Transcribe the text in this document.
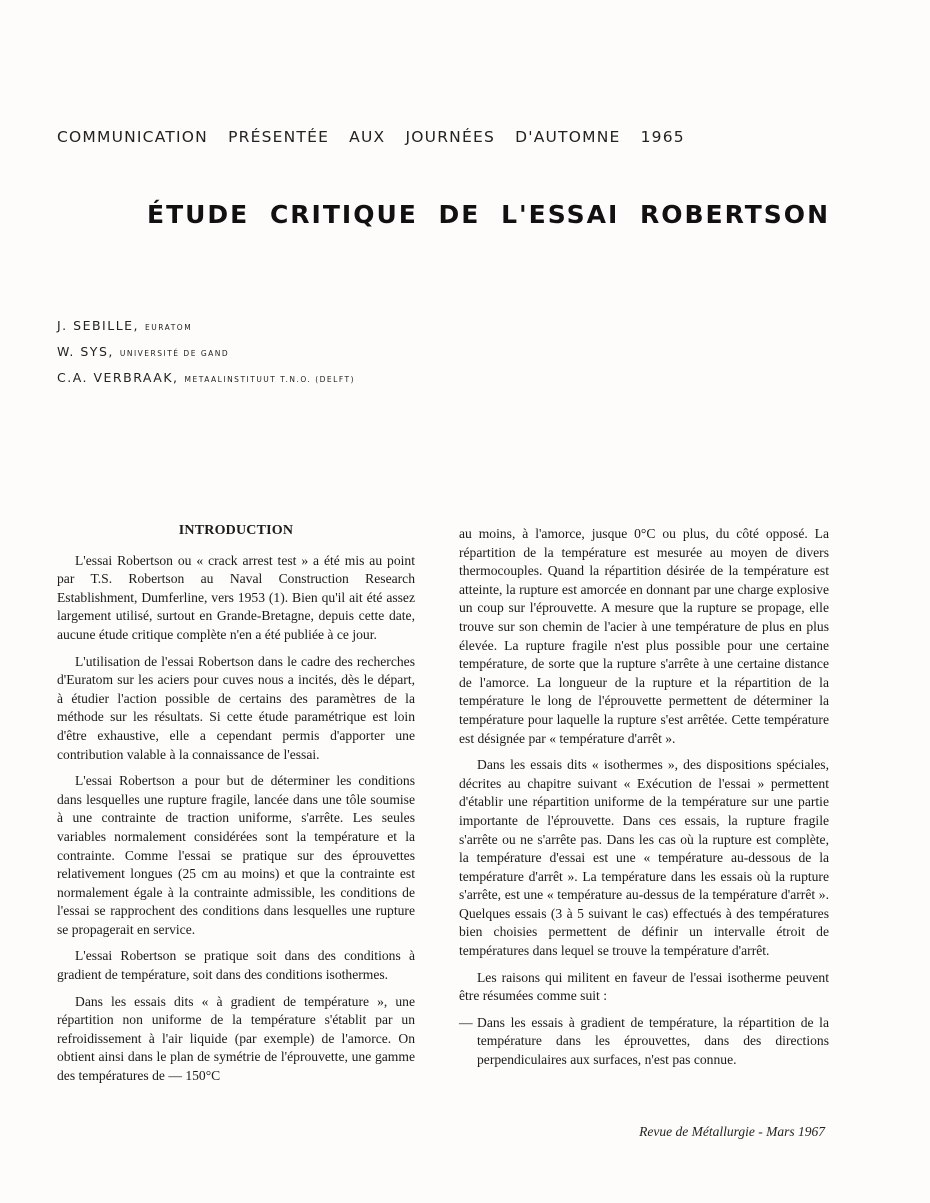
COMMUNICATION PRÉSENTÉE AUX JOURNÉES D'AUTOMNE 1965
ÉTUDE CRITIQUE DE L'ESSAI ROBERTSON
J. SEBILLE, EURATOM
W. SYS, UNIVERSITÉ DE GAND
C.A. VERBRAAK, METAALINSTITUUT T.N.O. (DELFT)
INTRODUCTION

L'essai Robertson ou « crack arrest test » a été mis au point par T.S. Robertson au Naval Construction Research Establishment, Dumferline, vers 1953 (1). Bien qu'il ait été assez largement utilisé, surtout en Grande-Bretagne, depuis cette date, aucune étude critique complète n'en a été publiée à ce jour.

L'utilisation de l'essai Robertson dans le cadre des recherches d'Euratom sur les aciers pour cuves nous a incités, dès le départ, à étudier l'action possible de certains des paramètres de la méthode sur les résultats. Si cette étude paramétrique est loin d'être exhaustive, elle a cependant permis d'apporter une contribution valable à la connaissance de l'essai.

L'essai Robertson a pour but de déterminer les conditions dans lesquelles une rupture fragile, lancée dans une tôle soumise à une contrainte de traction uniforme, s'arrête. Les seules variables normalement considérées sont la température et la contrainte. Comme l'essai se pratique sur des éprouvettes relativement longues (25 cm au moins) et que la contrainte est normalement égale à la contrainte admissible, les conditions de l'essai se rapprochent des conditions dans lesquelles une rupture se propagerait en service.

L'essai Robertson se pratique soit dans des conditions à gradient de température, soit dans des conditions isothermes.

Dans les essais dits « à gradient de température », une répartition non uniforme de la température s'établit par un refroidissement à l'air liquide (par exemple) de l'amorce. On obtient ainsi dans le plan de symétrie de l'éprouvette, une gamme des températures de — 150°C

au moins, à l'amorce, jusque 0°C ou plus, du côté opposé. La répartition de la température est mesurée au moyen de divers thermocouples. Quand la répartition désirée de la température est atteinte, la rupture est amorcée en donnant par une charge explosive un coup sur l'éprouvette. A mesure que la rupture se propage, elle trouve sur son chemin de l'acier à une température de plus en plus élevée. La rupture fragile n'est plus possible pour une certaine température, de sorte que la rupture s'arrête à une certaine distance de l'amorce. La longueur de la rupture et la répartition de la température le long de l'éprouvette permettent de déterminer la température pour laquelle la rupture s'est arrêtée. Cette température est désignée par « température d'arrêt ».

Dans les essais dits « isothermes », des dispositions spéciales, décrites au chapitre suivant « Exécution de l'essai » permettent d'établir une répartition uniforme de la température sur une partie importante de l'éprouvette. Dans ces essais, la rupture fragile s'arrête ou ne s'arrête pas. Dans les cas où la rupture est complète, la température d'essai est une « température au-dessous de la température d'arrêt ». La température dans les essais où la rupture s'arrête, est une « température au-dessus de la température d'arrêt ». Quelques essais (3 à 5 suivant le cas) effectués à des températures bien choisies permettent de définir un intervalle étroit de températures dans lequel se trouve la température d'arrêt.

Les raisons qui militent en faveur de l'essai isotherme peuvent être résumées comme suit :

— Dans les essais à gradient de température, la répartition de la température dans les éprouvettes, dans des directions perpendiculaires aux surfaces, n'est pas connue.
Revue de Métallurgie - Mars 1967
